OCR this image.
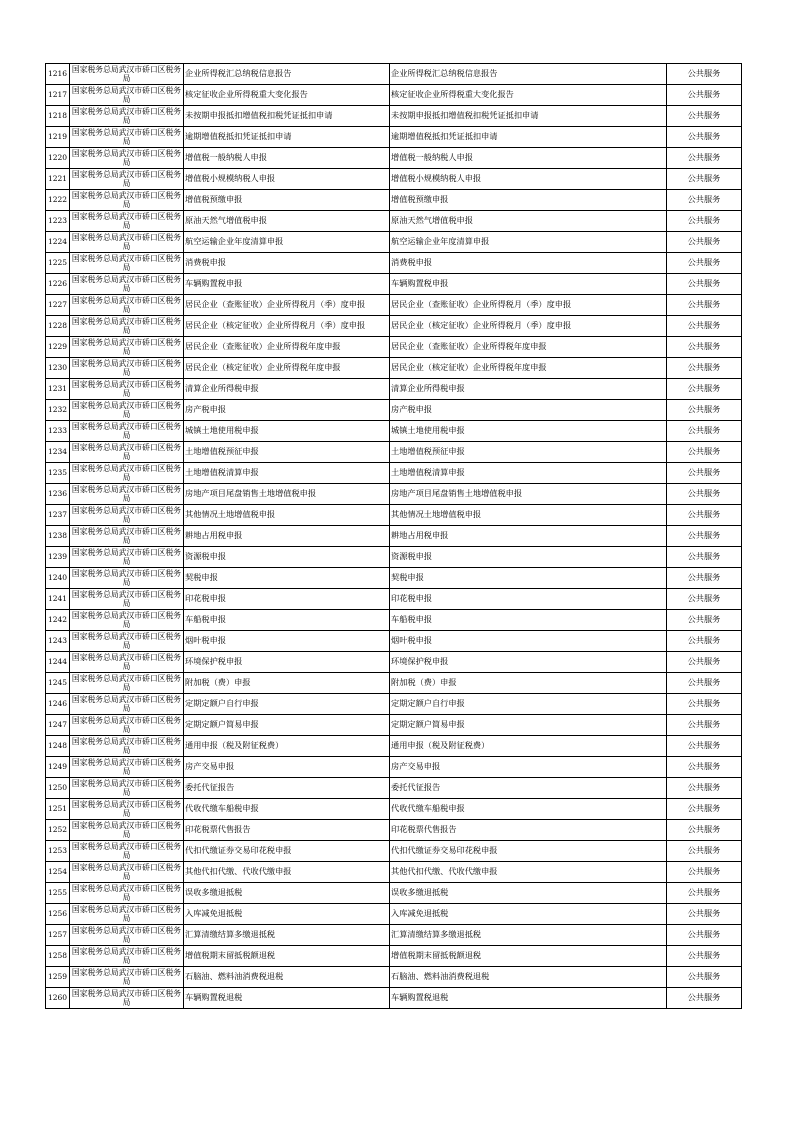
1216	国家税务总局武汉市硚口区税务局	企业所得税汇总纳税信息报告	企业所得税汇总纳税信息报告	公共服务
1217	国家税务总局武汉市硚口区税务局	核定征收企业所得税重大变化报告	核定征收企业所得税重大变化报告	公共服务
1218	国家税务总局武汉市硚口区税务局	未按期申报抵扣增值税扣税凭证抵扣申请	未按期申报抵扣增值税扣税凭证抵扣申请	公共服务
1219	国家税务总局武汉市硚口区税务局	逾期增值税抵扣凭证抵扣申请	逾期增值税抵扣凭证抵扣申请	公共服务
1220	国家税务总局武汉市硚口区税务局	增值税一般纳税人申报	增值税一般纳税人申报	公共服务
1221	国家税务总局武汉市硚口区税务局	增值税小规模纳税人申报	增值税小规模纳税人申报	公共服务
1222	国家税务总局武汉市硚口区税务局	增值税预缴申报	增值税预缴申报	公共服务
1223	国家税务总局武汉市硚口区税务局	原油天然气增值税申报	原油天然气增值税申报	公共服务
1224	国家税务总局武汉市硚口区税务局	航空运输企业年度清算申报	航空运输企业年度清算申报	公共服务
1225	国家税务总局武汉市硚口区税务局	消费税申报	消费税申报	公共服务
1226	国家税务总局武汉市硚口区税务局	车辆购置税申报	车辆购置税申报	公共服务
1227	国家税务总局武汉市硚口区税务局	居民企业（查账征收）企业所得税月（季）度申报	居民企业（查账征收）企业所得税月（季）度申报	公共服务
1228	国家税务总局武汉市硚口区税务局	居民企业（核定征收）企业所得税月（季）度申报	居民企业（核定征收）企业所得税月（季）度申报	公共服务
1229	国家税务总局武汉市硚口区税务局	居民企业（查账征收）企业所得税年度申报	居民企业（查账征收）企业所得税年度申报	公共服务
1230	国家税务总局武汉市硚口区税务局	居民企业（核定征收）企业所得税年度申报	居民企业（核定征收）企业所得税年度申报	公共服务
1231	国家税务总局武汉市硚口区税务局	清算企业所得税申报	清算企业所得税申报	公共服务
1232	国家税务总局武汉市硚口区税务局	房产税申报	房产税申报	公共服务
1233	国家税务总局武汉市硚口区税务局	城镇土地使用税申报	城镇土地使用税申报	公共服务
1234	国家税务总局武汉市硚口区税务局	土地增值税预征申报	土地增值税预征申报	公共服务
1235	国家税务总局武汉市硚口区税务局	土地增值税清算申报	土地增值税清算申报	公共服务
1236	国家税务总局武汉市硚口区税务局	房地产项目尾盘销售土地增值税申报	房地产项目尾盘销售土地增值税申报	公共服务
1237	国家税务总局武汉市硚口区税务局	其他情况土地增值税申报	其他情况土地增值税申报	公共服务
1238	国家税务总局武汉市硚口区税务局	耕地占用税申报	耕地占用税申报	公共服务
1239	国家税务总局武汉市硚口区税务局	资源税申报	资源税申报	公共服务
1240	国家税务总局武汉市硚口区税务局	契税申报	契税申报	公共服务
1241	国家税务总局武汉市硚口区税务局	印花税申报	印花税申报	公共服务
1242	国家税务总局武汉市硚口区税务局	车船税申报	车船税申报	公共服务
1243	国家税务总局武汉市硚口区税务局	烟叶税申报	烟叶税申报	公共服务
1244	国家税务总局武汉市硚口区税务局	环境保护税申报	环境保护税申报	公共服务
1245	国家税务总局武汉市硚口区税务局	附加税（费）申报	附加税（费）申报	公共服务
1246	国家税务总局武汉市硚口区税务局	定期定额户自行申报	定期定额户自行申报	公共服务
1247	国家税务总局武汉市硚口区税务局	定期定额户简易申报	定期定额户简易申报	公共服务
1248	国家税务总局武汉市硚口区税务局	通用申报（税及附征税费）	通用申报（税及附征税费）	公共服务
1249	国家税务总局武汉市硚口区税务局	房产交易申报	房产交易申报	公共服务
1250	国家税务总局武汉市硚口区税务局	委托代征报告	委托代征报告	公共服务
1251	国家税务总局武汉市硚口区税务局	代收代缴车船税申报	代收代缴车船税申报	公共服务
1252	国家税务总局武汉市硚口区税务局	印花税票代售报告	印花税票代售报告	公共服务
1253	国家税务总局武汉市硚口区税务局	代扣代缴证券交易印花税申报	代扣代缴证券交易印花税申报	公共服务
1254	国家税务总局武汉市硚口区税务局	其他代扣代缴、代收代缴申报	其他代扣代缴、代收代缴申报	公共服务
1255	国家税务总局武汉市硚口区税务局	误收多缴退抵税	误收多缴退抵税	公共服务
1256	国家税务总局武汉市硚口区税务局	入库减免退抵税	入库减免退抵税	公共服务
1257	国家税务总局武汉市硚口区税务局	汇算清缴结算多缴退抵税	汇算清缴结算多缴退抵税	公共服务
1258	国家税务总局武汉市硚口区税务局	增值税期末留抵税额退税	增值税期末留抵税额退税	公共服务
1259	国家税务总局武汉市硚口区税务局	石脑油、燃料油消费税退税	石脑油、燃料油消费税退税	公共服务
1260	国家税务总局武汉市硚口区税务局	车辆购置税退税	车辆购置税退税	公共服务
